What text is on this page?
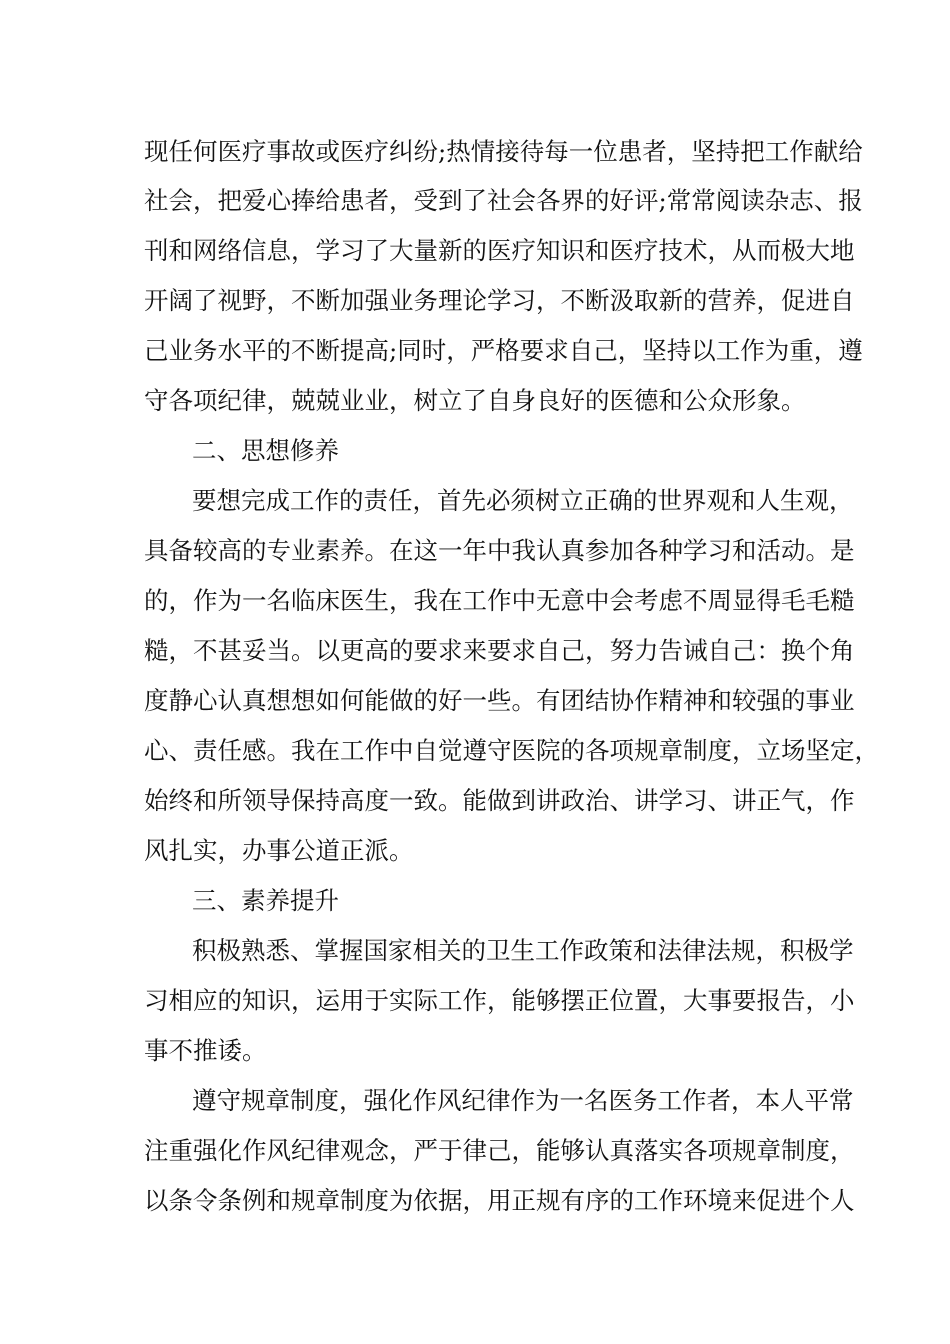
现任何医疗事故或医疗纠纷;热情接待每一位患者，坚持把工作献给

社会，把爱心捧给患者，受到了社会各界的好评;常常阅读杂志、报

刊和网络信息，学习了大量新的医疗知识和医疗技术，从而极大地

开阔了视野，不断加强业务理论学习，不断汲取新的营养，促进自

己业务水平的不断提高;同时，严格要求自己，坚持以工作为重，遵

守各项纪律，兢兢业业，树立了自身良好的医德和公众形象。

二、思想修养

要想完成工作的责任，首先必须树立正确的世界观和人生观，

具备较高的专业素养。在这一年中我认真参加各种学习和活动。是

的，作为一名临床医生，我在工作中无意中会考虑不周显得毛毛糙

糙，不甚妥当。以更高的要求来要求自己，努力告诫自己：换个角

度静心认真想想如何能做的好一些。有团结协作精神和较强的事业

心、责任感。我在工作中自觉遵守医院的各项规章制度，立场坚定，

始终和所领导保持高度一致。能做到讲政治、讲学习、讲正气，作

风扎实，办事公道正派。

三、素养提升

积极熟悉、掌握国家相关的卫生工作政策和法律法规，积极学

习相应的知识，运用于实际工作，能够摆正位置，大事要报告，小

事不推诿。

遵守规章制度，强化作风纪律作为一名医务工作者，本人平常

注重强化作风纪律观念，严于律己，能够认真落实各项规章制度，

以条令条例和规章制度为依据，用正规有序的工作环境来促进个人
